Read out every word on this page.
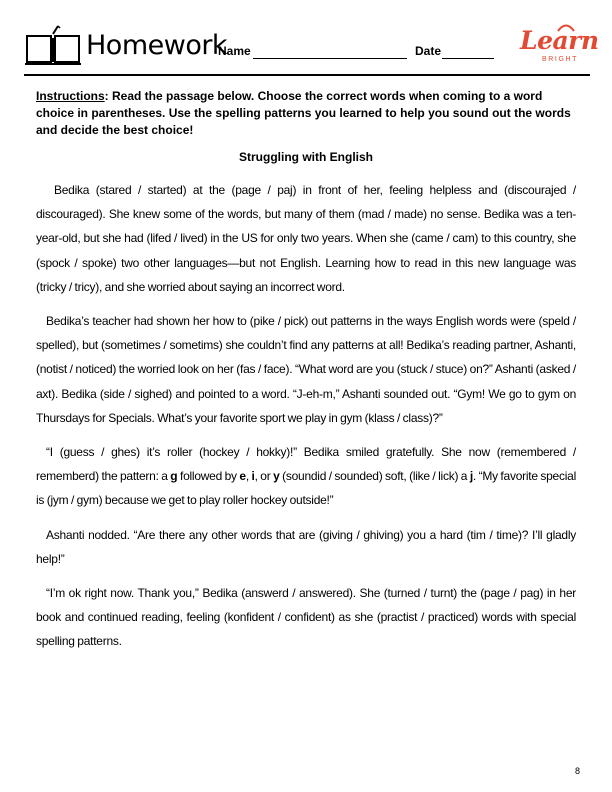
Homework
Name	Date	Learn
BRIGHT

Instructions: Read the passage below. Choose the correct words when coming to a word choice in parentheses. Use the spelling patterns you learned to help you sound out the words and decide the best choice!

Struggling with English

Bedika (stared / started) at the (page / paj) in front of her, feeling helpless and (discourajed / discouraged). She knew some of the words, but many of them (mad / made) no sense. Bedika was a ten-year-old, but she had (lifed / lived) in the US for only two years. When she (came / cam) to this country, she (spock / spoke) two other languages—but not English. Learning how to read in this new language was (tricky / tricy), and she worried about saying an incorrect word.

Bedika’s teacher had shown her how to (pike / pick) out patterns in the ways English words were (speld / spelled), but (sometimes / sometims) she couldn’t find any patterns at all! Bedika’s reading partner, Ashanti, (notist / noticed) the worried look on her (fas / face). “What word are you (stuck / stuce) on?” Ashanti (asked / axt). Bedika (side / sighed) and pointed to a word. “J-eh-m,” Ashanti sounded out. “Gym! We go to gym on Thursdays for Specials. What’s your favorite sport we play in gym (klass / class)?”

“I (guess / ghes) it’s roller (hockey / hokky)!” Bedika smiled gratefully. She now (remembered / rememberd) the pattern: a g followed by e, i, or y (soundid / sounded) soft, (like / lick) a j. “My favorite special is (jym / gym) because we get to play roller hockey outside!”

Ashanti nodded. “Are there any other words that are (giving / ghiving) you a hard (tim / time)? I’ll gladly help!”

“I’m ok right now. Thank you,” Bedika (answerd / answered). She (turned / turnt) the (page / pag) in her book and continued reading, feeling (konfident / confident) as she (practist / practiced) words with special spelling patterns.

8
